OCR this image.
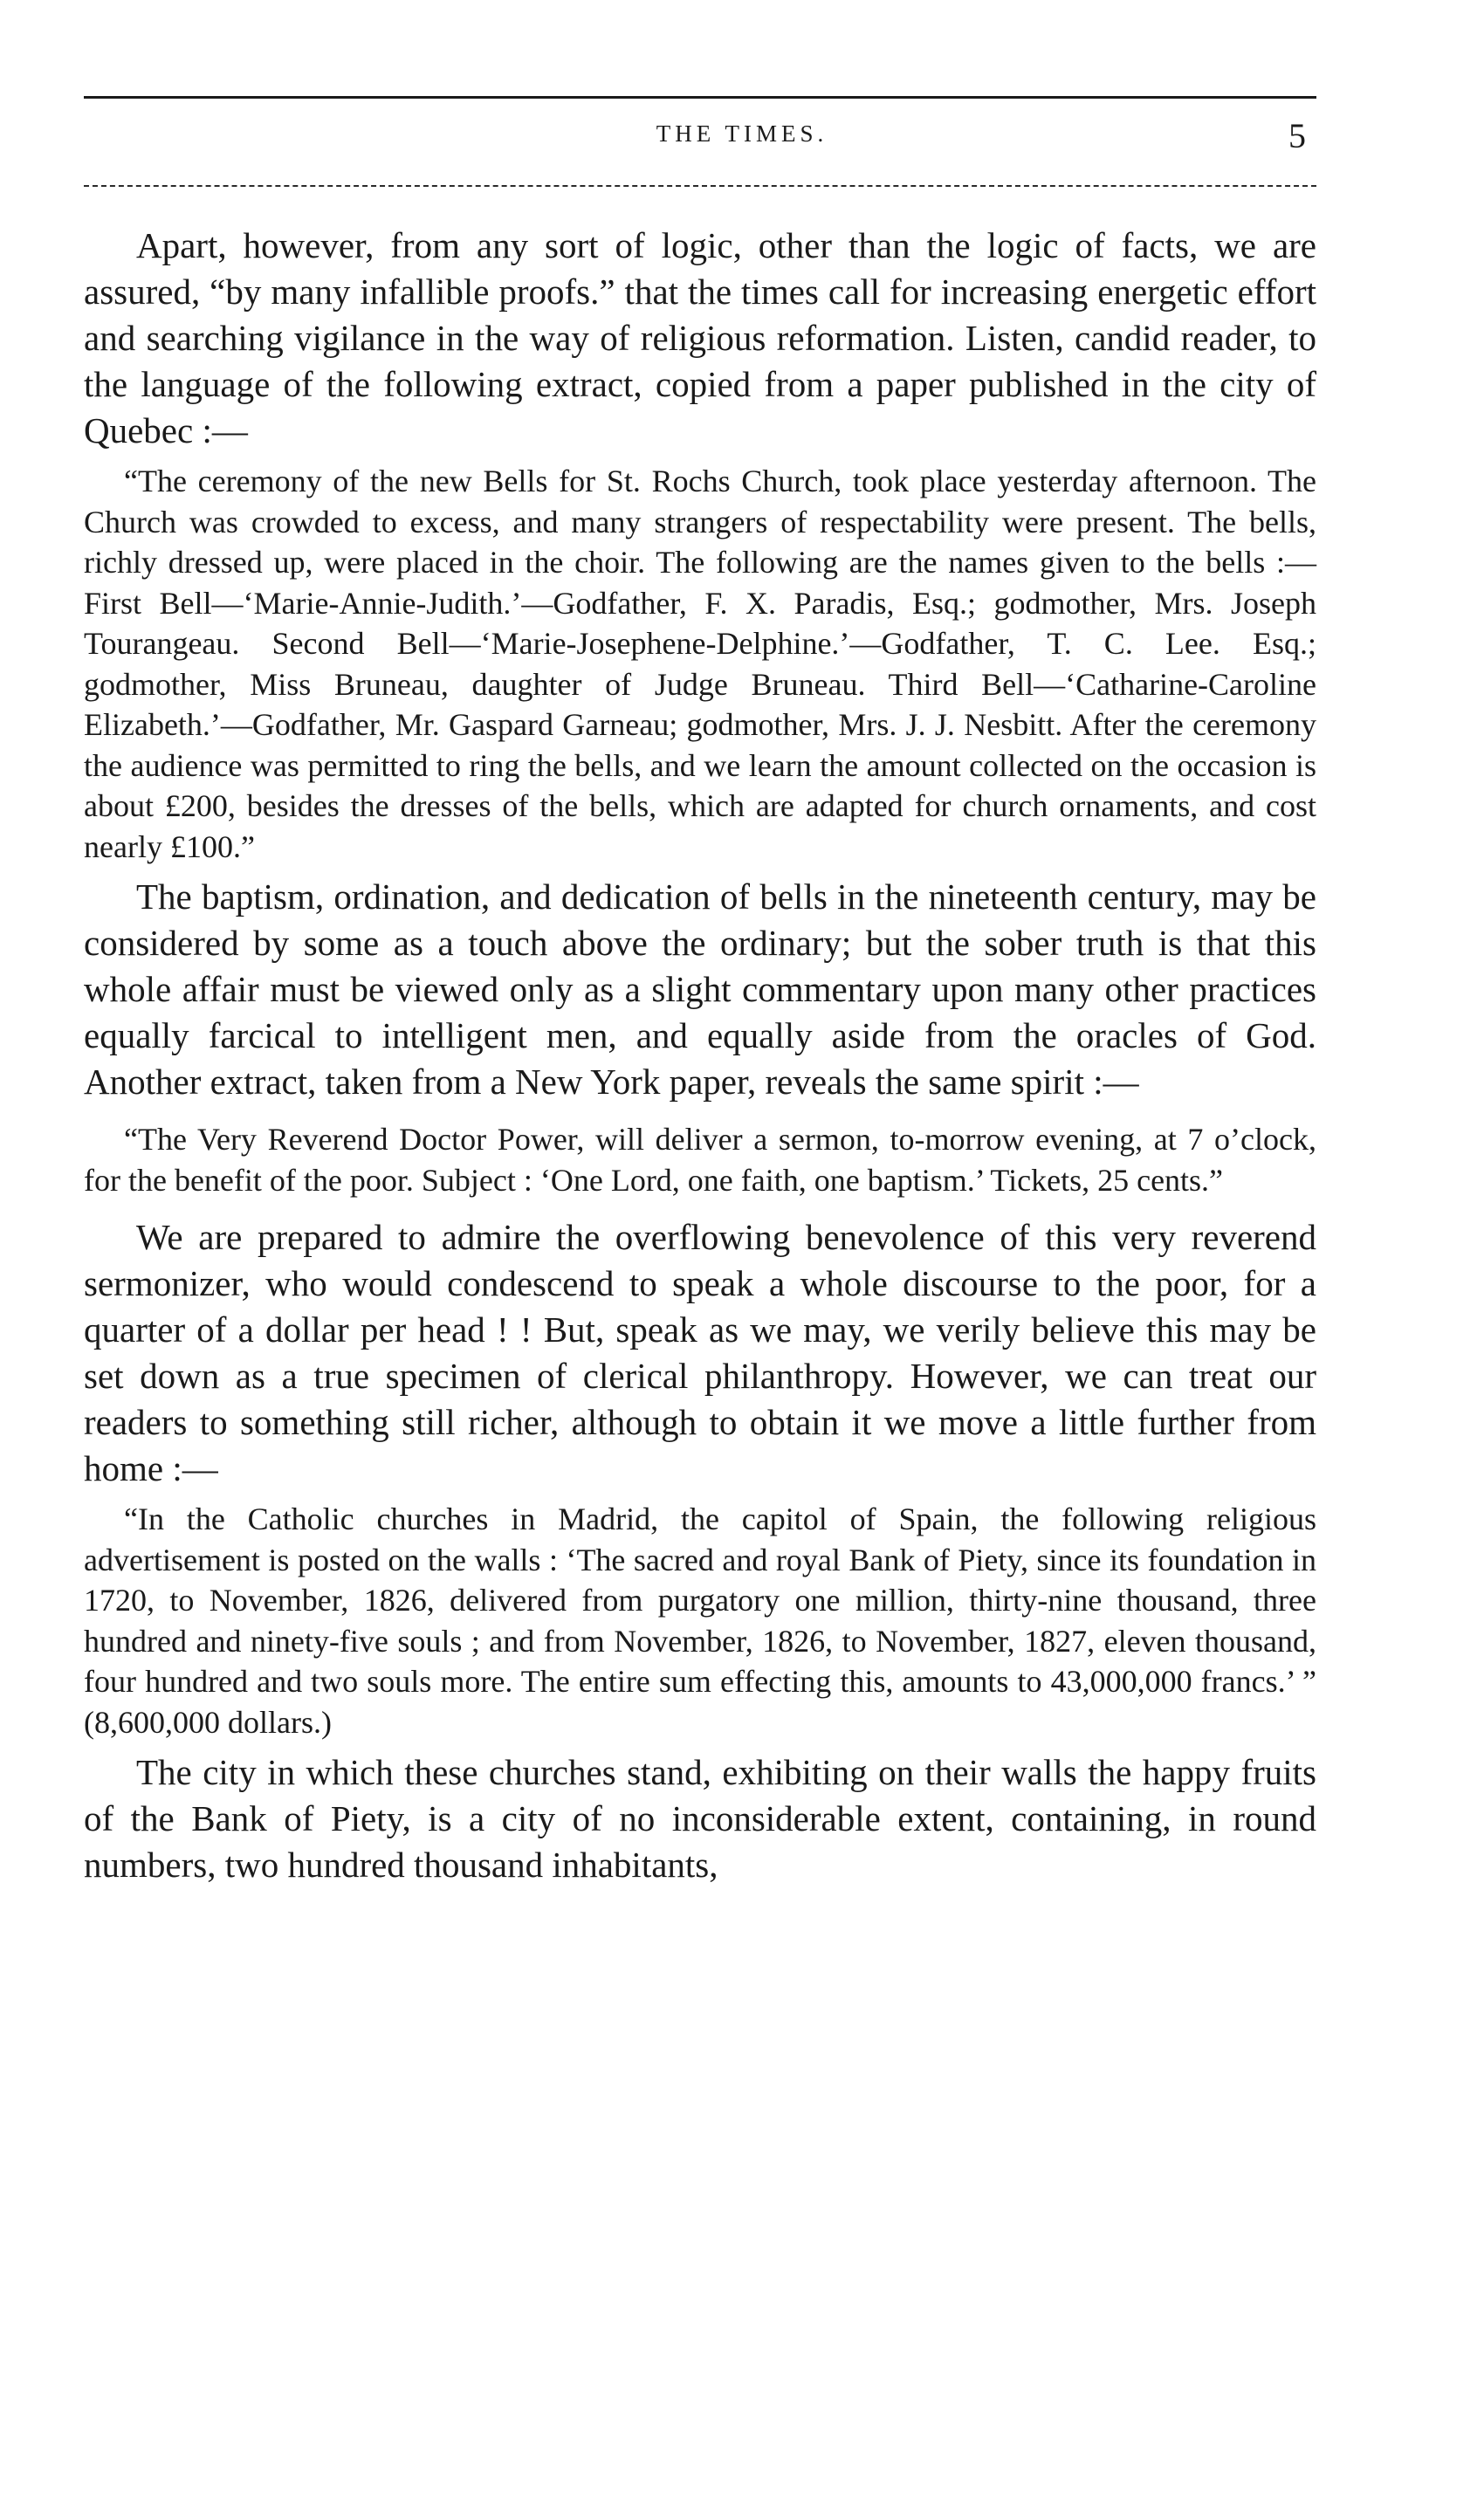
THE TIMES.	5

Apart, however, from any sort of logic, other than the logic of facts, we are assured, “by many infallible proofs.” that the times call for increasing energetic effort and searching vigilance in the way of religious reformation. Listen, candid reader, to the language of the following extract, copied from a paper published in the city of Quebec :—

“The ceremony of the new Bells for St. Rochs Church, took place yesterday afternoon. The Church was crowded to excess, and many strangers of respectability were present. The bells, richly dressed up, were placed in the choir. The following are the names given to the bells :—First Bell—‘Marie-Annie-Judith.’—Godfather, F. X. Paradis, Esq.; godmother, Mrs. Joseph Tourangeau. Second Bell—‘Marie-Josephene-Delphine.’—Godfather, T. C. Lee. Esq.; godmother, Miss Bruneau, daughter of Judge Bruneau. Third Bell—‘Catharine-Caroline Elizabeth.’—Godfather, Mr. Gaspard Garneau; godmother, Mrs. J. J. Nesbitt. After the ceremony the audience was permitted to ring the bells, and we learn the amount collected on the occasion is about £200, besides the dresses of the bells, which are adapted for church ornaments, and cost nearly £100.”

The baptism, ordination, and dedication of bells in the nineteenth century, may be considered by some as a touch above the ordinary; but the sober truth is that this whole affair must be viewed only as a slight commentary upon many other practices equally farcical to intelligent men, and equally aside from the oracles of God. Another extract, taken from a New York paper, reveals the same spirit :—

“The Very Reverend Doctor Power, will deliver a sermon, to-morrow evening, at 7 o’clock, for the benefit of the poor. Subject : ‘One Lord, one faith, one baptism.’ Tickets, 25 cents.”

We are prepared to admire the overflowing benevolence of this very reverend sermonizer, who would condescend to speak a whole discourse to the poor, for a quarter of a dollar per head ! ! But, speak as we may, we verily believe this may be set down as a true specimen of clerical philanthropy. However, we can treat our readers to something still richer, although to obtain it we move a little further from home :—

“In the Catholic churches in Madrid, the capitol of Spain, the following religious advertisement is posted on the walls : ‘The sacred and royal Bank of Piety, since its foundation in 1720, to November, 1826, delivered from purgatory one million, thirty-nine thousand, three hundred and ninety-five souls ; and from November, 1826, to November, 1827, eleven thousand, four hundred and two souls more. The entire sum effecting this, amounts to 43,000,000 francs.’ ” (8,600,000 dollars.)

The city in which these churches stand, exhibiting on their walls the happy fruits of the Bank of Piety, is a city of no inconsiderable extent, containing, in round numbers, two hundred thousand inhabitants,
